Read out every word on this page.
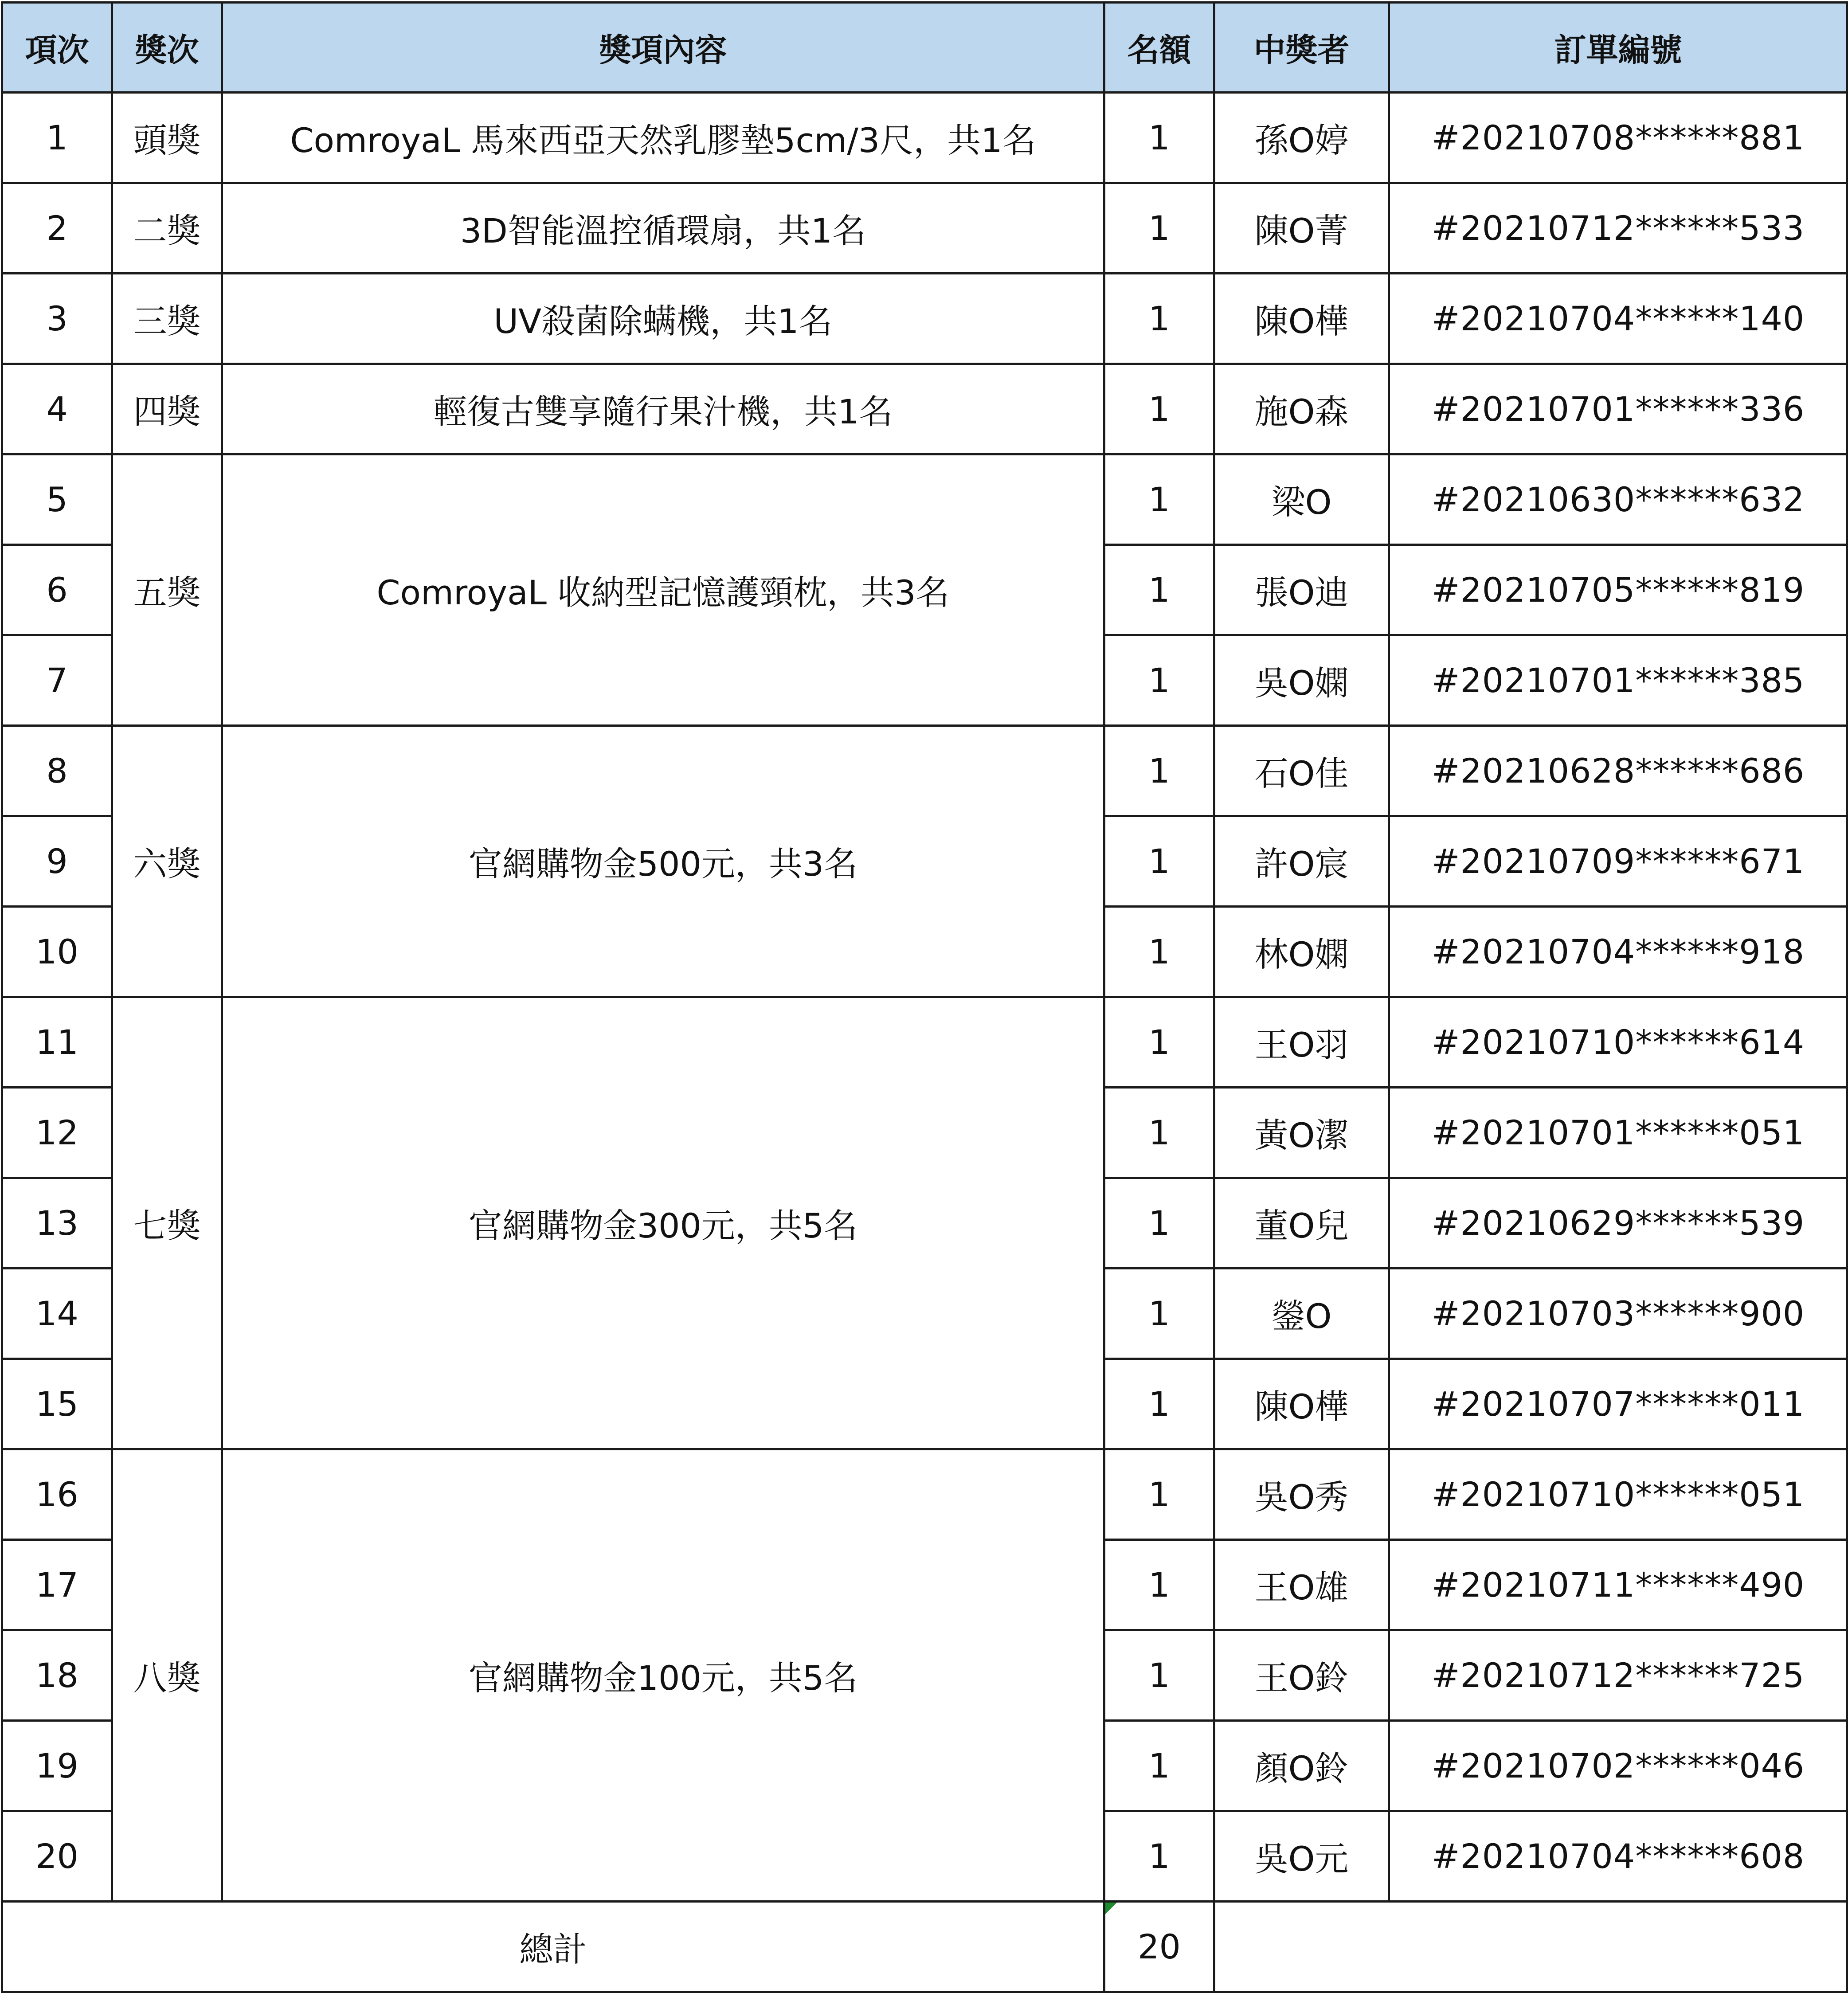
項次	獎次	獎項內容	名額	中獎者	訂單編號
1	頭獎	ComroyaL 馬來西亞天然乳膠墊5cm/3尺，共1名	1	孫O婷	#20210708******881
2	二獎	3D智能溫控循環扇，共1名	1	陳O菁	#20210712******533
3	三獎	UV殺菌除螨機，共1名	1	陳O樺	#20210704******140
4	四獎	輕復古雙享隨行果汁機，共1名	1	施O森	#20210701******336
5	五獎	ComroyaL 收納型記憶護頸枕，共3名	1	梁O	#20210630******632
6			1	張O迪	#20210705******819
7			1	吳O嫻	#20210701******385
8	六獎	官網購物金500元，共3名	1	石O佳	#20210628******686
9			1	許O宸	#20210709******671
10			1	林O嫻	#20210704******918
11	七獎	官網購物金300元，共5名	1	王O羽	#20210710******614
12			1	黃O潔	#20210701******051
13			1	董O兒	#20210629******539
14			1	鎣O	#20210703******900
15			1	陳O樺	#20210707******011
16	八獎	官網購物金100元，共5名	1	吳O秀	#20210710******051
17			1	王O雄	#20210711******490
18			1	王O鈴	#20210712******725
19			1	顏O鈴	#20210702******046
20			1	吳O元	#20210704******608
總計			20		
